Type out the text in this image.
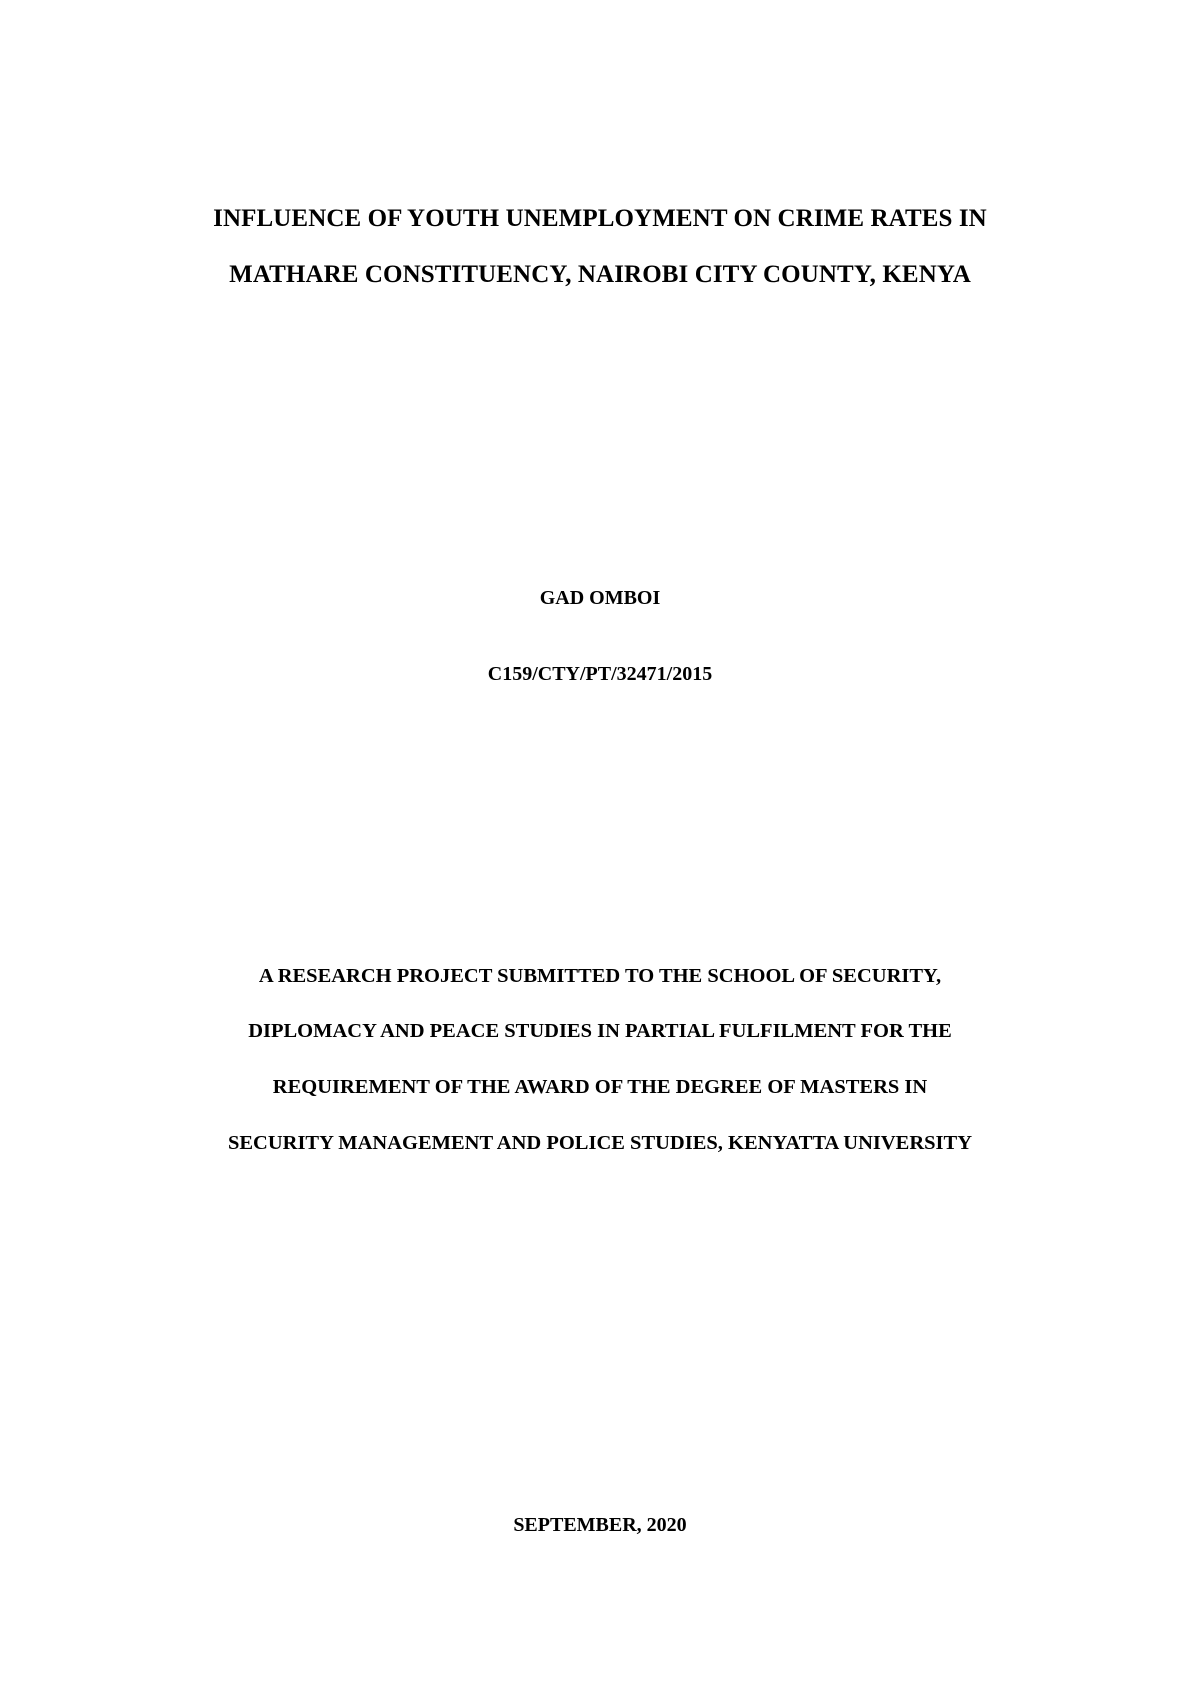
INFLUENCE OF YOUTH UNEMPLOYMENT ON CRIME RATES IN
MATHARE CONSTITUENCY, NAIROBI CITY COUNTY, KENYA

GAD OMBOI

C159/CTY/PT/32471/2015

A RESEARCH PROJECT SUBMITTED TO THE SCHOOL OF SECURITY,

DIPLOMACY AND PEACE STUDIES IN PARTIAL FULFILMENT FOR THE

REQUIREMENT OF THE AWARD OF THE DEGREE OF MASTERS IN

SECURITY MANAGEMENT AND POLICE STUDIES, KENYATTA UNIVERSITY

SEPTEMBER, 2020
